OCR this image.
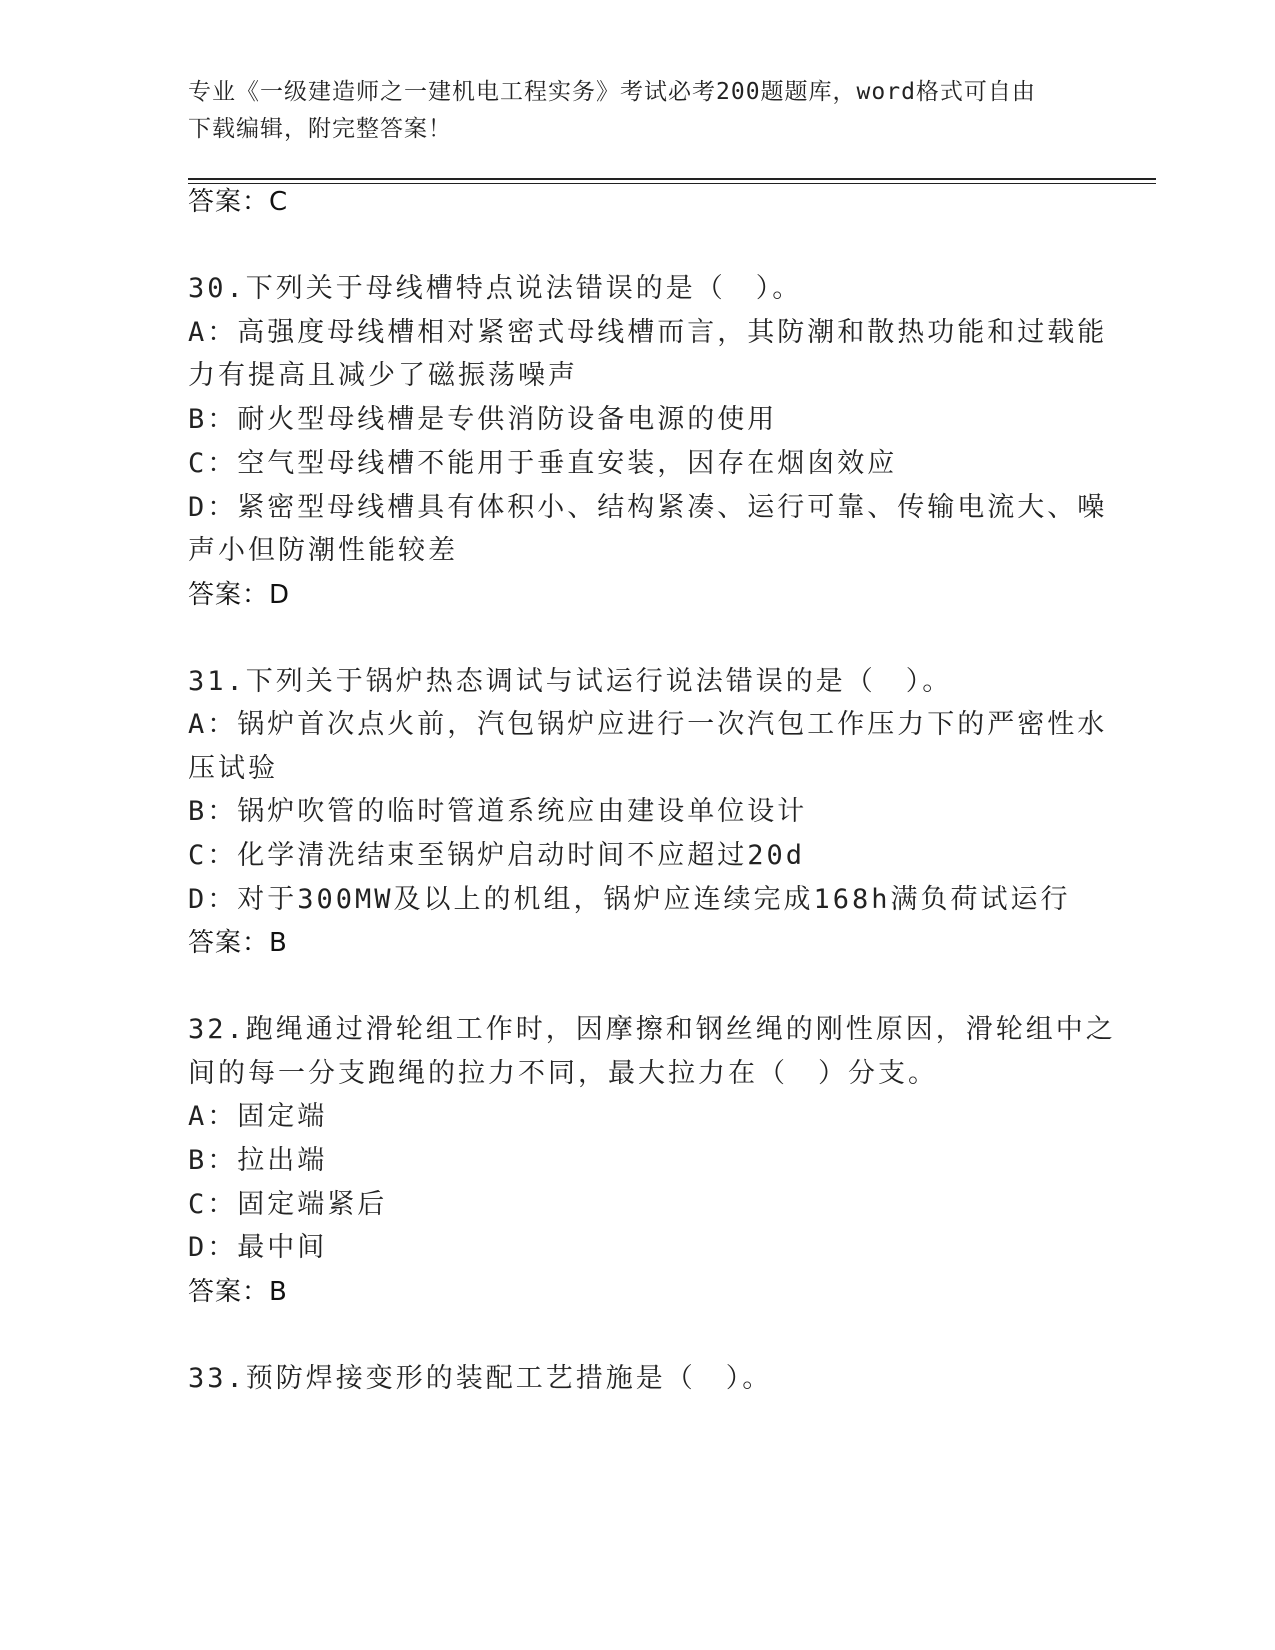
专业《一级建造师之一建机电工程实务》考试必考200题题库，word格式可自由
下载编辑，附完整答案！
答案：C
30.下列关于母线槽特点说法错误的是（　）。
A：高强度母线槽相对紧密式母线槽而言，其防潮和散热功能和过载能
力有提高且减少了磁振荡噪声
B：耐火型母线槽是专供消防设备电源的使用
C：空气型母线槽不能用于垂直安装，因存在烟囱效应
D：紧密型母线槽具有体积小、结构紧凑、运行可靠、传输电流大、噪
声小但防潮性能较差
答案：D
31.下列关于锅炉热态调试与试运行说法错误的是（　）。
A：锅炉首次点火前，汽包锅炉应进行一次汽包工作压力下的严密性水
压试验
B：锅炉吹管的临时管道系统应由建设单位设计
C：化学清洗结束至锅炉启动时间不应超过20d
D：对于300MW及以上的机组，锅炉应连续完成168h满负荷试运行
答案：B
32.跑绳通过滑轮组工作时，因摩擦和钢丝绳的刚性原因，滑轮组中之
间的每一分支跑绳的拉力不同，最大拉力在（　）分支。
A：固定端
B：拉出端
C：固定端紧后
D：最中间
答案：B
33.预防焊接变形的装配工艺措施是（　）。
